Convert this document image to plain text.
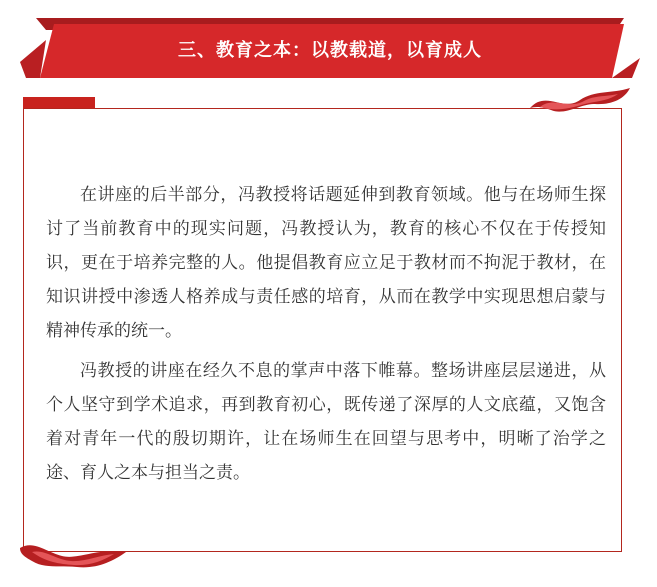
三、教育之本：以教载道，以育成人

在讲座的后半部分，冯教授将话题延伸到教育领域。他与在场师生探讨了当前教育中的现实问题，冯教授认为，教育的核心不仅在于传授知识，更在于培养完整的人。他提倡教育应立足于教材而不拘泥于教材，在知识讲授中渗透人格养成与责任感的培育，从而在教学中实现思想启蒙与精神传承的统一。

冯教授的讲座在经久不息的掌声中落下帷幕。整场讲座层层递进，从个人坚守到学术追求，再到教育初心，既传递了深厚的人文底蕴，又饱含着对青年一代的殷切期许，让在场师生在回望与思考中，明晰了治学之途、育人之本与担当之责。
